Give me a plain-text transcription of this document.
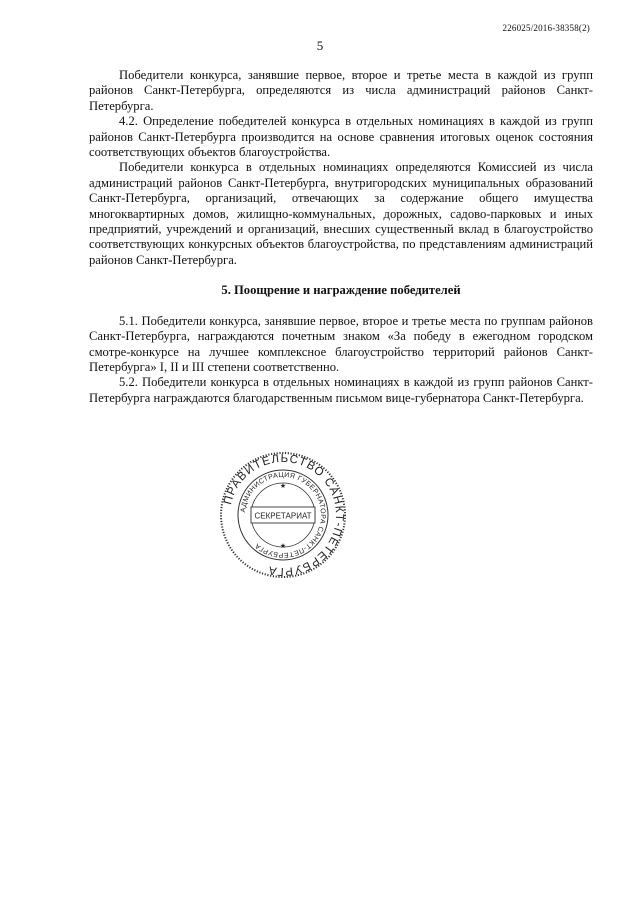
226025/2016-38358(2)
5

Победители конкурса, занявшие первое, второе и третье места в каждой из групп районов Санкт-Петербурга, определяются из числа администраций районов Санкт-Петербурга.

4.2. Определение победителей конкурса в отдельных номинациях в каждой из групп районов Санкт-Петербурга производится на основе сравнения итоговых оценок состояния соответствующих объектов благоустройства.

Победители конкурса в отдельных номинациях определяются Комиссией из числа администраций районов Санкт-Петербурга, внутригородских муниципальных образований Санкт-Петербурга, организаций, отвечающих за содержание общего имущества многоквартирных домов, жилищно-коммунальных, дорожных, садово-парковых и иных предприятий, учреждений и организаций, внесших существенный вклад в благоустройство соответствующих конкурсных объектов благоустройства, по представлениям администраций районов Санкт-Петербурга.

5. Поощрение и награждение победителей

5.1. Победители конкурса, занявшие первое, второе и третье места по группам районов Санкт-Петербурга, награждаются почетным знаком «За победу в ежегодном городском смотре-конкурсе на лучшее комплексное благоустройство территорий районов Санкт-Петербурга» I, II и III степени соответственно.

5.2. Победители конкурса в отдельных номинациях в каждой из групп районов Санкт-Петербурга награждаются благодарственным письмом вице-губернатора Санкт-Петербурга.

ПРАВИТЕЛЬСТВО САНКТ-ПЕТЕРБУРГА
АДМИНИСТРАЦИЯ ГУБЕРНАТОРА САНКТ-ПЕТЕРБУРГА
СЕКРЕТАРИАТ
★
★
